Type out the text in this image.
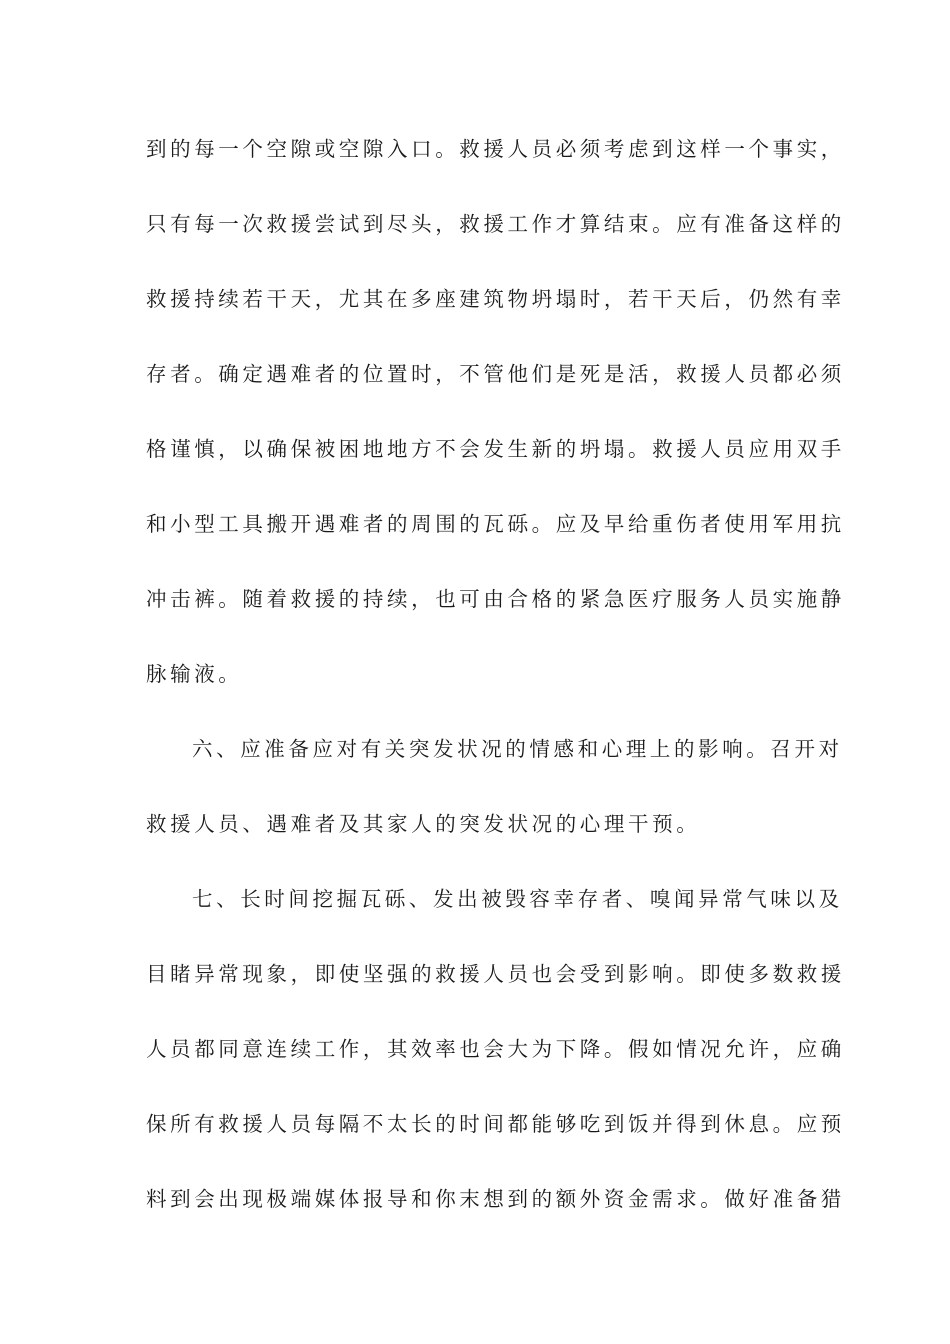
到的每一个空隙或空隙入口。救援人员必须考虑到这样一个事实，
只有每一次救援尝试到尽头，救援工作才算结束。应有准备这样的
救援持续若干天，尤其在多座建筑物坍塌时，若干天后，仍然有幸
存者。确定遇难者的位置时，不管他们是死是活，救援人员都必须
格谨慎，以确保被困地地方不会发生新的坍塌。救援人员应用双手
和小型工具搬开遇难者的周围的瓦砾。应及早给重伤者使用军用抗
冲击裤。随着救援的持续，也可由合格的紧急医疗服务人员实施静
脉输液。
六、应准备应对有关突发状况的情感和心理上的影响。召开对
救援人员、遇难者及其家人的突发状况的心理干预。
七、长时间挖掘瓦砾、发出被毁容幸存者、嗅闻异常气味以及
目睹异常现象，即使坚强的救援人员也会受到影响。即使多数救援
人员都同意连续工作，其效率也会大为下降。假如情况允许，应确
保所有救援人员每隔不太长的时间都能够吃到饭并得到休息。应预
料到会出现极端媒体报导和你末想到的额外资金需求。做好准备猎
